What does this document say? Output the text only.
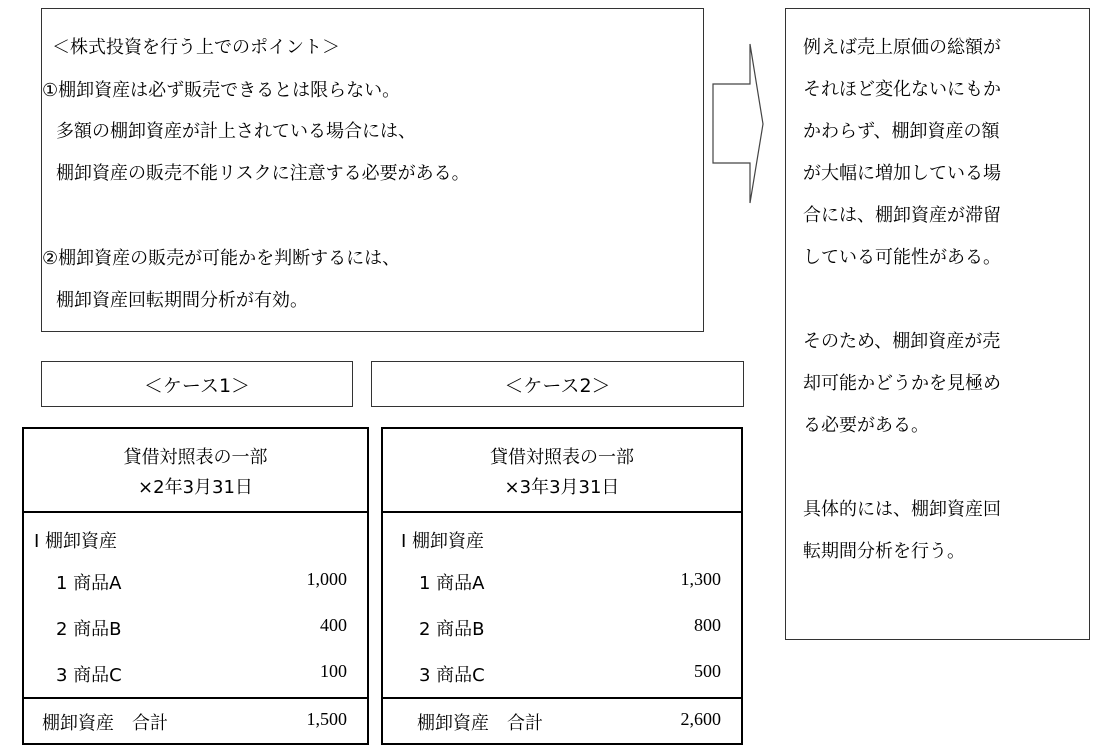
＜株式投資を行う上でのポイント＞
①棚卸資産は必ず販売できるとは限らない。
多額の棚卸資産が計上されている場合には、
棚卸資産の販売不能リスクに注意する必要がある。
②棚卸資産の販売が可能かを判断するには、
棚卸資産回転期間分析が有効。
例えば売上原価の総額が
それほど変化ないにもか
かわらず、棚卸資産の額
が大幅に増加している場
合には、棚卸資産が滞留
している可能性がある。
そのため、棚卸資産が売
却可能かどうかを見極め
る必要がある。
具体的には、棚卸資産回
転期間分析を行う。
＜ケース1＞	＜ケース2＞
貸借対照表の一部
×2年3月31日
Ⅰ 棚卸資産
1 商品A	1,000
2 商品B	400
3 商品C	100
棚卸資産　合計	1,500
貸借対照表の一部
×3年3月31日
Ⅰ 棚卸資産
1 商品A	1,300
2 商品B	800
3 商品C	500
棚卸資産　合計	2,600
